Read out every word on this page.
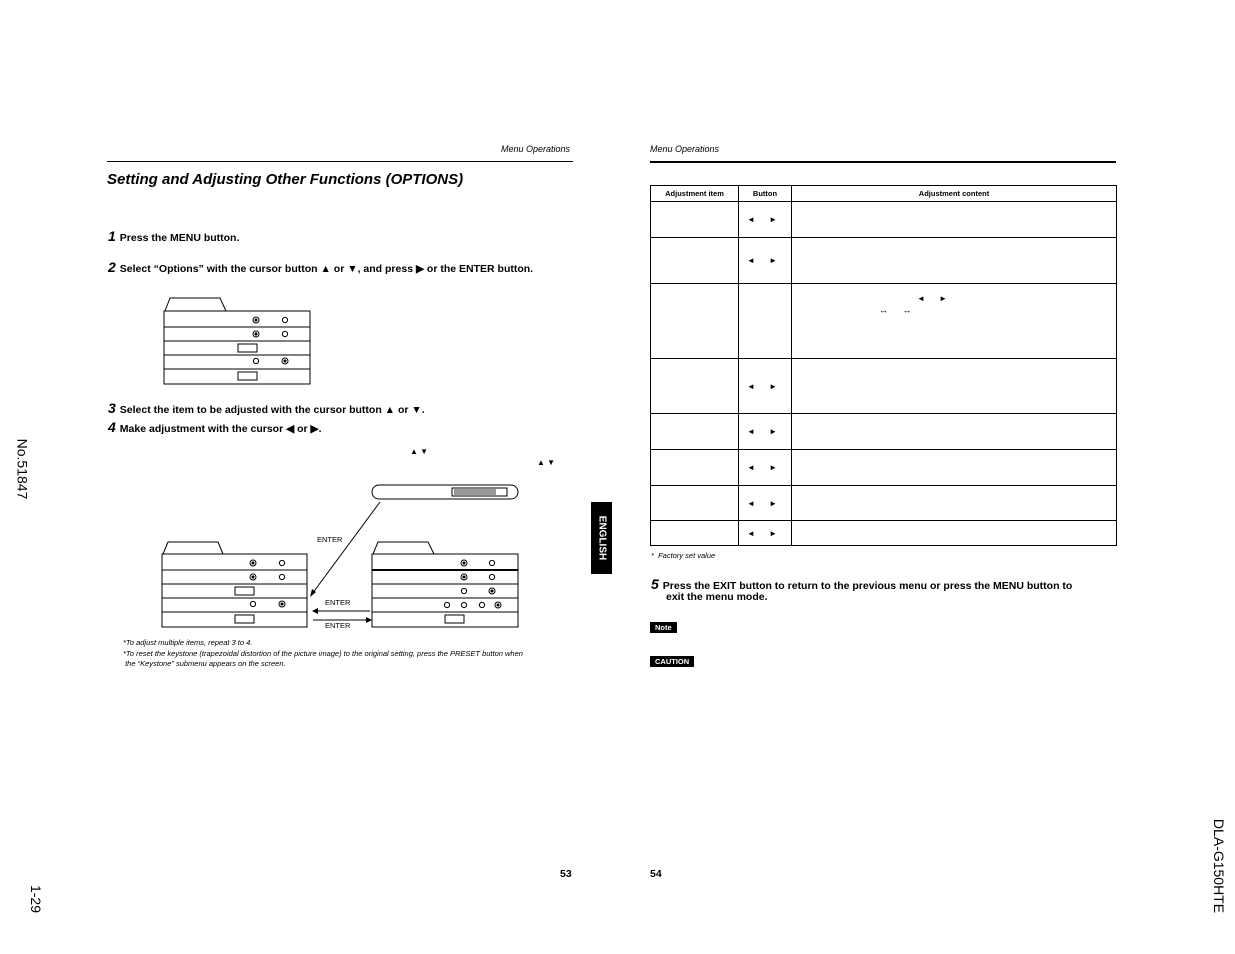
Menu Operations
Setting and Adjusting Other Functions (OPTIONS)
1 Press the MENU button.
2 Select “Options” with the cursor button ▲ or ▼, and press ▶ or the ENTER button.
3 Select the item to be adjusted with the cursor button ▲ or ▼.
4 Make adjustment with the cursor ◀ or ▶.
▲ ▼
▲ ▼
ENTER
ENTER
ENTER
*To adjust multiple items, repeat 3 to 4.
*To reset the keystone (trapezoidal distortion of the picture image) to the original setting, press the PRESET button when
the “Keystone” submenu appears on the screen.
53
ENGLISH
Menu Operations
Adjustment item	Button	Adjustment content
	◄ ►	
	◄ ►	

		◄ ►
↔ ↔

	◄ ►	
	◄ ►	
	◄ ►	
	◄ ►	
	◄ ►	
*  Factory set value
5 Press the EXIT button to return to the previous menu or press the MENU button to
exit the menu mode.
Note
CAUTION
54
No.51847
1-29	DLA-G150HTE
